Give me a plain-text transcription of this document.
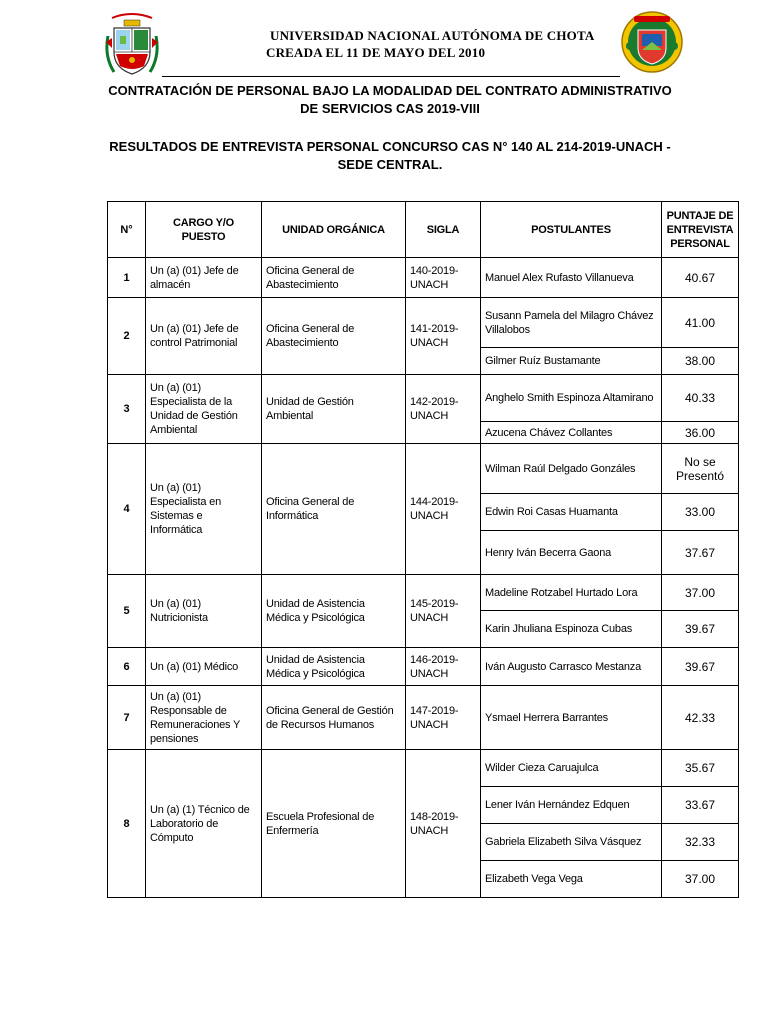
UNIVERSIDAD NACIONAL AUTÓNOMA DE CHOTA
CREADA EL 11 DE MAYO DEL 2010
CONTRATACIÓN DE PERSONAL BAJO LA MODALIDAD DEL CONTRATO ADMINISTRATIVO
DE SERVICIOS CAS 2019-VIII
RESULTADOS DE ENTREVISTA PERSONAL CONCURSO CAS N° 140 AL 214-2019-UNACH -
SEDE CENTRAL.
N°	CARGO Y/O PUESTO	UNIDAD ORGÁNICA	SIGLA	POSTULANTES	PUNTAJE DE ENTREVISTA PERSONAL
1	Un (a) (01) Jefe de almacén	Oficina General de Abastecimiento	140-2019-UNACH	Manuel Alex Rufasto Villanueva	40.67
2	Un (a) (01) Jefe de control Patrimonial	Oficina General de Abastecimiento	141-2019-UNACH	Susann Pamela del Milagro Chávez Villalobos	41.00
				Gilmer Ruíz Bustamante	38.00
3	Un (a) (01) Especialista de la Unidad de Gestión Ambiental	Unidad de Gestión Ambiental	142-2019-UNACH	Anghelo Smith Espinoza Altamirano	40.33
				Azucena Chávez Collantes	36.00
4	Un (a) (01) Especialista en Sistemas e Informática	Oficina General de Informática	144-2019-UNACH	Wilman Raúl Delgado Gonzáles	No se Presentó
				Edwin Roi Casas Huamanta	33.00
				Henry Iván Becerra Gaona	37.67
5	Un (a) (01) Nutricionista	Unidad de Asistencia Médica y Psicológica	145-2019-UNACH	Madeline Rotzabel Hurtado Lora	37.00
				Karin Jhuliana Espinoza Cubas	39.67
6	Un (a) (01) Médico	Unidad de Asistencia Médica y Psicológica	146-2019-UNACH	Iván Augusto Carrasco Mestanza	39.67
7	Un (a) (01) Responsable de Remuneraciones Y pensiones	Oficina General de Gestión de Recursos Humanos	147-2019-UNACH	Ysmael Herrera Barrantes	42.33
8	Un (a) (1) Técnico de Laboratorio de Cómputo	Escuela Profesional de Enfermería	148-2019-UNACH	Wilder Cieza Caruajulca	35.67
				Lener Iván Hernández Edquen	33.67
				Gabriela Elizabeth Silva Vásquez	32.33
				Elizabeth Vega Vega	37.00
